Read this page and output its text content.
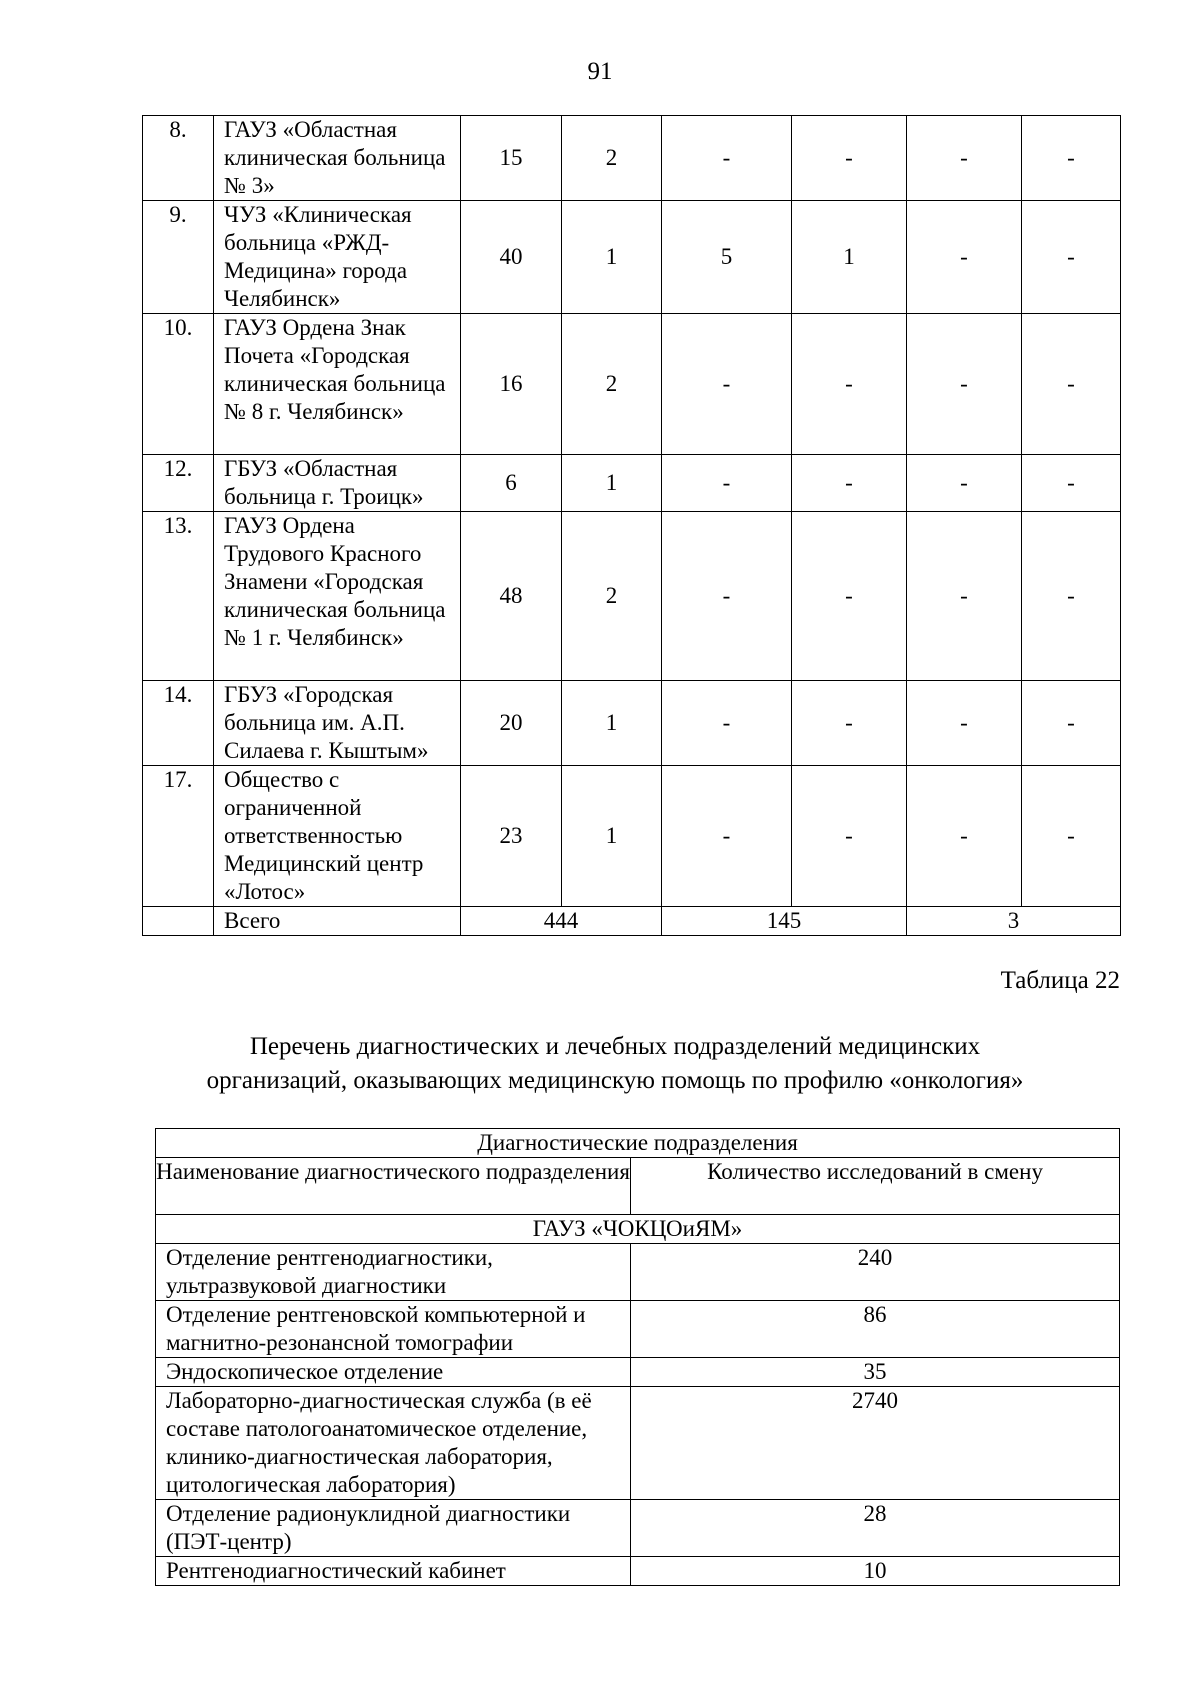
91
8.	ГАУЗ «Областная клиническая больница № 3»	15	2	-	-	-	-
9.	ЧУЗ «Клиническая больница «РЖД-Медицина» города Челябинск»	40	1	5	1	-	-
10.	ГАУЗ Ордена Знак Почета «Городская клиническая больница № 8 г. Челябинск»	16	2	-	-	-	-
12.	ГБУЗ «Областная больница г. Троицк»	6	1	-	-	-	-
13.	ГАУЗ Ордена Трудового Красного Знамени «Городская клиническая больница № 1 г. Челябинск»	48	2	-	-	-	-
14.	ГБУЗ «Городская больница им. А.П. Силаева г. Кыштым»	20	1	-	-	-	-
17.	Общество с ограниченной ответственностью Медицинский центр «Лотос»	23	1	-	-	-	-
	Всего	444		145		3	
Таблица 22
Перечень диагностических и лечебных подразделений медицинских
организаций, оказывающих медицинскую помощь по профилю «онкология»
Диагностические подразделения	
Наименование диагностического подразделения	Количество исследований в смену
ГАУЗ «ЧОКЦОиЯМ»	
Отделение рентгенодиагностики, ультразвуковой диагностики	240
Отделение рентгеновской компьютерной и магнитно-резонансной томографии	86
Эндоскопическое отделение	35
Лабораторно-диагностическая служба (в её составе патологоанатомическое отделение, клинико-диагностическая лаборатория, цитологическая лаборатория)	2740
Отделение радионуклидной диагностики (ПЭТ-центр)	28
Рентгенодиагностический кабинет	10
